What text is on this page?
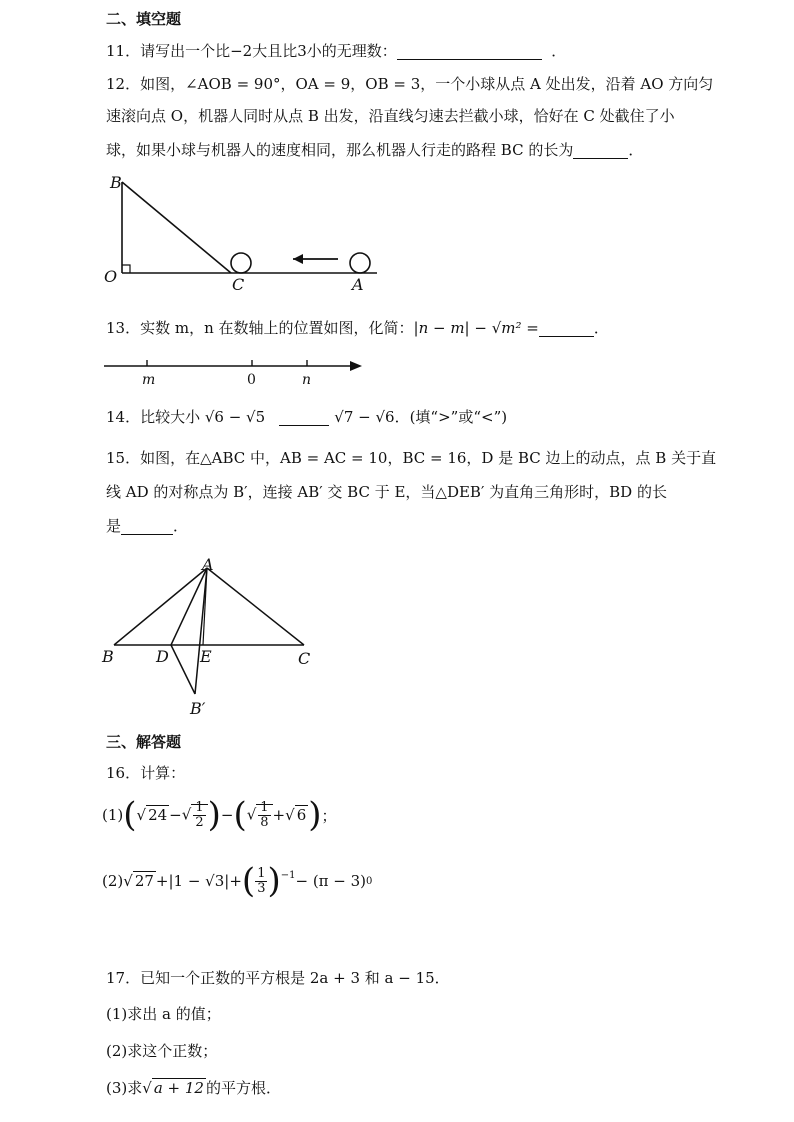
二、填空题
11．请写出一个比−2大且比3小的无理数：	．
12．如图，∠AOB = 90°，OA = 9，OB = 3，一个小球从点 A 处出发，沿着 AO 方向匀
速滚向点 O，机器人同时从点 B 出发，沿直线匀速去拦截小球，恰好在 C 处截住了小
球，如果小球与机器人的速度相同，那么机器人行走的路程 BC 的长为	．
B
O	C	A
13．实数 m，n 在数轴上的位置如图，化简：|n − m| − √m² =	．
m	0	n
14．比较大小 √6 − √5	√7 − √6．(填“>”或“<”)
15．如图，在△ABC 中，AB = AC = 10，BC = 16，D 是 BC 边上的动点，点 B 关于直
线 AD 的对称点为 B′，连接 AB′ 交 BC 于 E，当△DEB′ 为直角三角形时，BD 的长
是	．
A
B	D E	C
B′
三、解答题
16．计算：
(1) ( √ 24 − √ $\frac{1}{2}$ ) − ( √ $\frac{1}{8}$ + √ 6 ) ；
(2) √ 27 + |1 − √3| + ( $\frac{1}{3} )^{-1} - (\pi - 3)$ 0
17．已知一个正数的平方根是 2a + 3 和 a − 15．
(1)求出 a 的值；
(2)求这个正数；
(3)求√ a + 12 的平方根．
